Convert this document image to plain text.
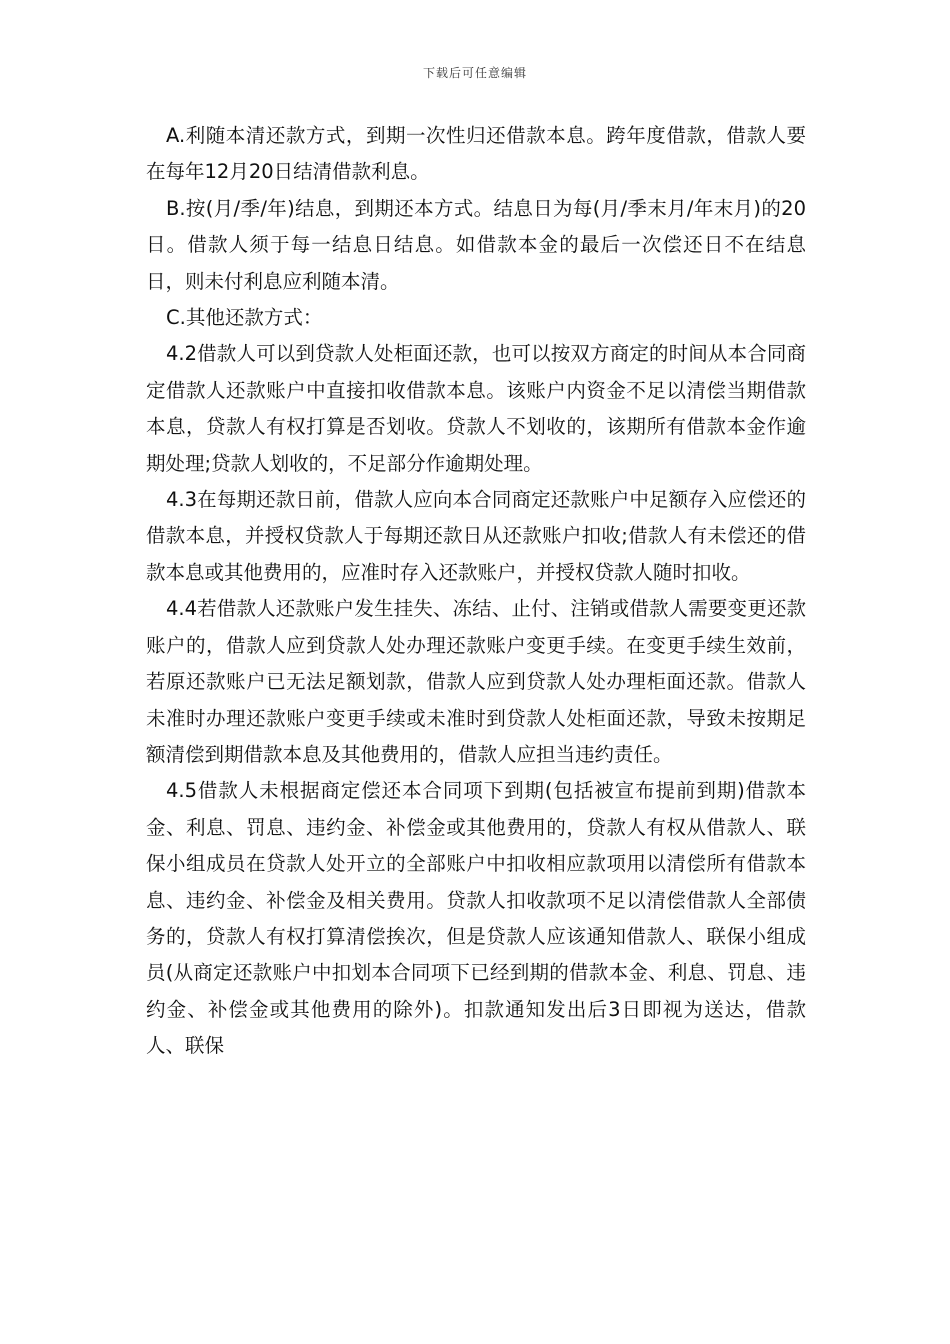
下载后可任意编辑

A.利随本清还款方式，到期一次性归还借款本息。跨年度借款，借款人要在每年12月20日结清借款利息。

B.按(月/季/年)结息，到期还本方式。结息日为每(月/季末月/年末月)的20日。借款人须于每一结息日结息。如借款本金的最后一次偿还日不在结息日，则未付利息应利随本清。

C.其他还款方式：

4.2借款人可以到贷款人处柜面还款，也可以按双方商定的时间从本合同商定借款人还款账户中直接扣收借款本息。该账户内资金不足以清偿当期借款本息，贷款人有权打算是否划收。贷款人不划收的，该期所有借款本金作逾期处理;贷款人划收的，不足部分作逾期处理。

4.3在每期还款日前，借款人应向本合同商定还款账户中足额存入应偿还的借款本息，并授权贷款人于每期还款日从还款账户扣收;借款人有未偿还的借款本息或其他费用的，应准时存入还款账户，并授权贷款人随时扣收。

4.4若借款人还款账户发生挂失、冻结、止付、注销或借款人需要变更还款账户的，借款人应到贷款人处办理还款账户变更手续。在变更手续生效前，若原还款账户已无法足额划款，借款人应到贷款人处办理柜面还款。借款人未准时办理还款账户变更手续或未准时到贷款人处柜面还款，导致未按期足额清偿到期借款本息及其他费用的，借款人应担当违约责任。

4.5借款人未根据商定偿还本合同项下到期(包括被宣布提前到期)借款本金、利息、罚息、违约金、补偿金或其他费用的，贷款人有权从借款人、联保小组成员在贷款人处开立的全部账户中扣收相应款项用以清偿所有借款本息、违约金、补偿金及相关费用。贷款人扣收款项不足以清偿借款人全部债务的，贷款人有权打算清偿挨次，但是贷款人应该通知借款人、联保小组成员(从商定还款账户中扣划本合同项下已经到期的借款本金、利息、罚息、违约金、补偿金或其他费用的除外)。扣款通知发出后3日即视为送达，借款人、联保
